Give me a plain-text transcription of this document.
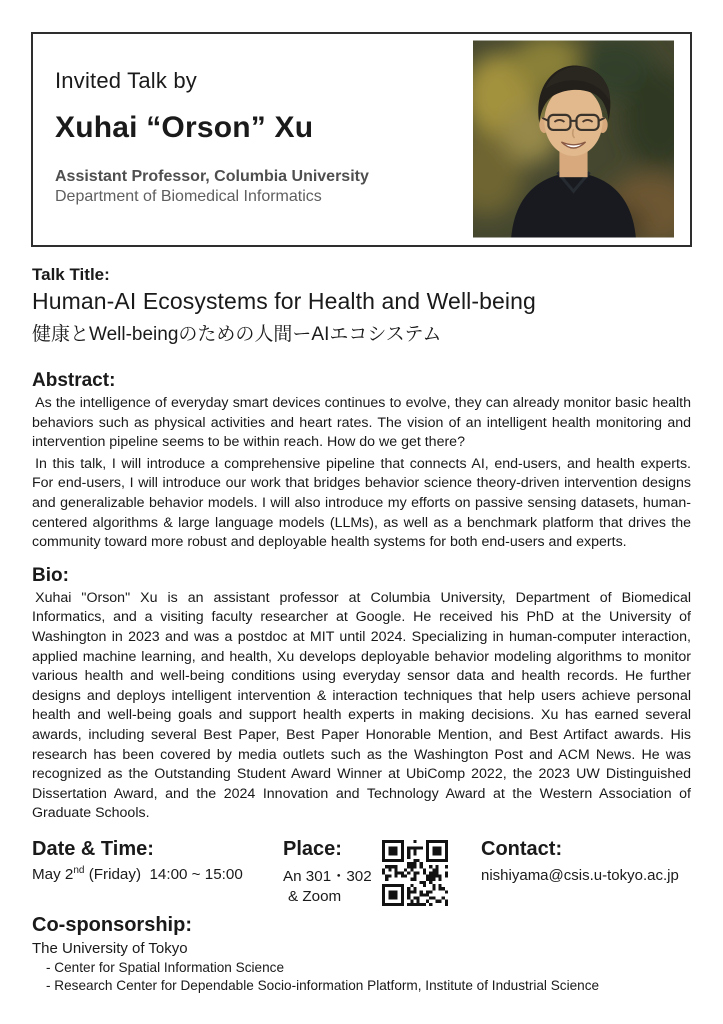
Invited Talk by
Xuhai “Orson” Xu
Assistant Professor, Columbia University
Department of Biomedical Informatics
Talk Title:
Human-AI Ecosystems for Health and Well-being
健康とWell-beingのための人間ーAIエコシステム
Abstract:

As the intelligence of everyday smart devices continues to evolve, they can already monitor basic health behaviors such as physical activities and heart rates. The vision of an intelligent health monitoring and intervention pipeline seems to be within reach. How do we get there?

In this talk, I will introduce a comprehensive pipeline that connects AI, end-users, and health experts. For end-users, I will introduce our work that bridges behavior science theory-driven intervention designs and generalizable behavior models. I will also introduce my efforts on passive sensing datasets, human-centered algorithms & large language models (LLMs), as well as a benchmark platform that drives the community toward more robust and deployable health systems for both end-users and experts.

Bio:

Xuhai "Orson" Xu is an assistant professor at Columbia University, Department of Biomedical Informatics, and a visiting faculty researcher at Google. He received his PhD at the University of Washington in 2023 and was a postdoc at MIT until 2024. Specializing in human-computer interaction, applied machine learning, and health, Xu develops deployable behavior modeling algorithms to monitor various health and well-being conditions using everyday sensor data and health records. He further designs and deploys intelligent intervention & interaction techniques that help users achieve personal health and well-being goals and support health experts in making decisions. Xu has earned several awards, including several Best Paper, Best Paper Honorable Mention, and Best Artifact awards. His research has been covered by media outlets such as the Washington Post and ACM News. He was recognized as the Outstanding Student Award Winner at UbiComp 2022, the 2023 UW Distinguished Dissertation Award, and the 2024 Innovation and Technology Award at the Western Association of Graduate Schools.

Date & Time:
May 2nd (Friday)  14:00 ~ 15:00
Place:
An 301・302
& Zoom
Contact:
nishiyama@csis.u-tokyo.ac.jp
Co-sponsorship:
The University of Tokyo
- Center for Spatial Information Science
- Research Center for Dependable Socio-information Platform, Institute of Industrial Science
